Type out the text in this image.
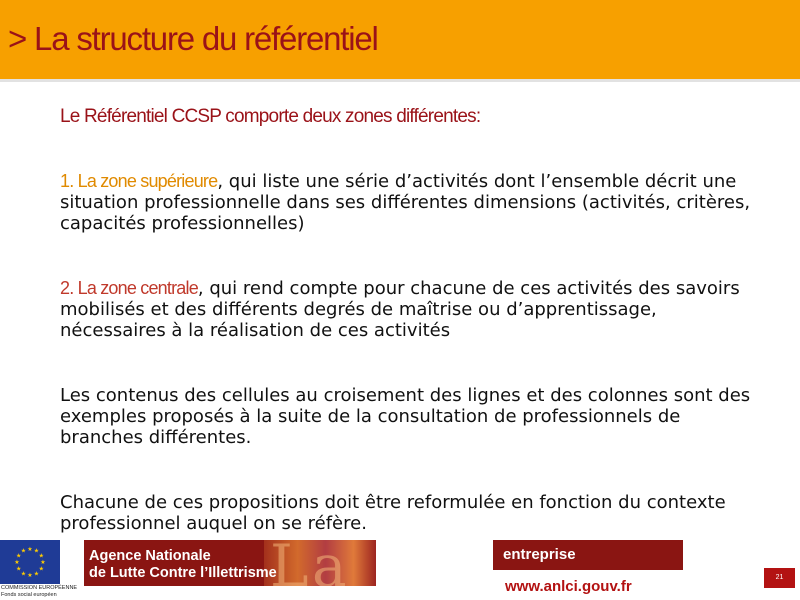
> La structure du référentiel

Le Référentiel CCSP comporte deux zones différentes:

1. La zone supérieure, qui liste une série d’activités dont l’ensemble décrit une situation professionnelle dans ses différentes dimensions (activités, critères, capacités professionnelles)

2. La zone centrale, qui rend compte pour chacune de ces activités des savoirs mobilisés et des différents degrés de maîtrise ou d’apprentissage, nécessaires à la réalisation de ces activités

Les contenus des cellules au croisement des lignes et des colonnes sont des exemples proposés à la suite de la consultation de professionnels de branches différentes.

Chacune de ces propositions doit être reformulée en fonction du contexte professionnel auquel on se réfère.

★ ★
★
★
★
★
★
★
★
★
★
★
COMMISSION EUROPÉENNE
Fonds social européen	L a
Agence Nationale
de Lutte Contre l’Illettrisme
entreprise
www.anlci.gouv.fr
21
